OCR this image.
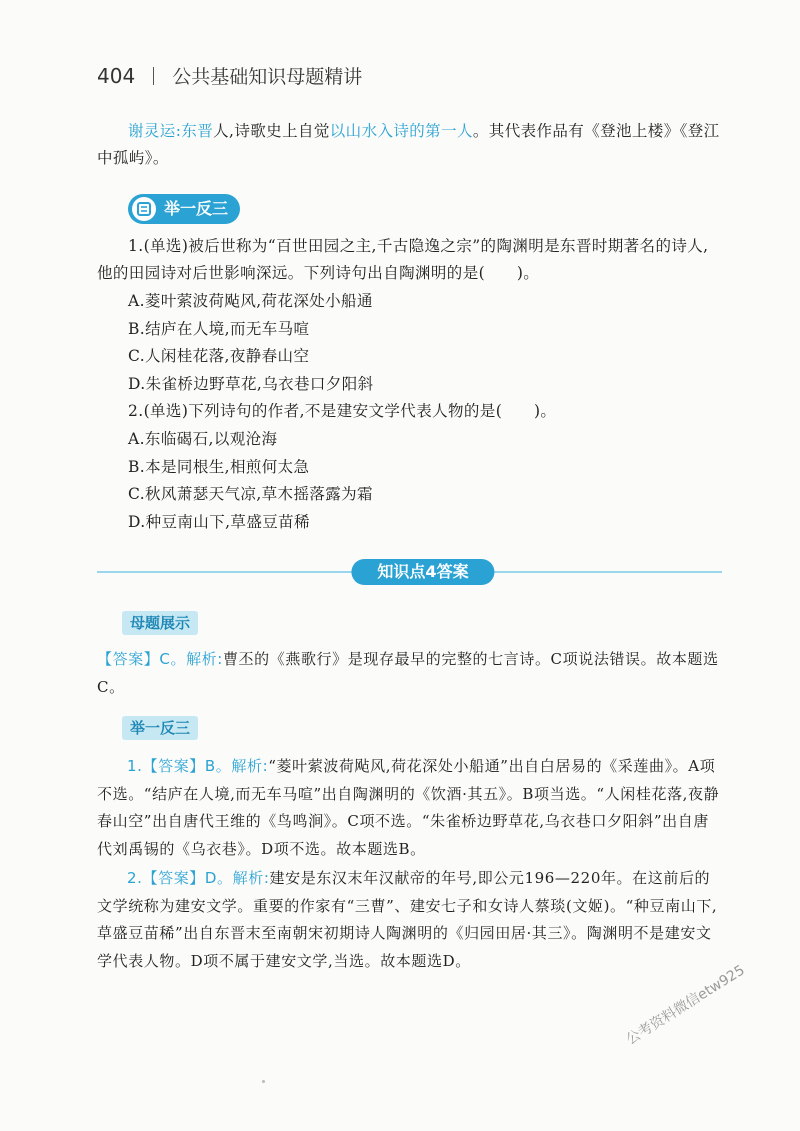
404 公共基础知识母题精讲
谢灵运:东晋人,诗歌史上自觉以山水入诗的第一人。其代表作品有《登池上楼》《登江中孤屿》。
举一反三
1.(单选)被后世称为“百世田园之主,千古隐逸之宗”的陶渊明是东晋时期著名的诗人,他的田园诗对后世影响深远。下列诗句出自陶渊明的是(　　)。
A.菱叶萦波荷飐风,荷花深处小船通
B.结庐在人境,而无车马喧
C.人闲桂花落,夜静春山空
D.朱雀桥边野草花,乌衣巷口夕阳斜
2.(单选)下列诗句的作者,不是建安文学代表人物的是(　　)。
A.东临碣石,以观沧海
B.本是同根生,相煎何太急
C.秋风萧瑟天气凉,草木摇落露为霜
D.种豆南山下,草盛豆苗稀
知识点4答案
母题展示
【答案】C。解析:曹丕的《燕歌行》是现存最早的完整的七言诗。C项说法错误。故本题选C。
举一反三
1.【答案】B。解析:“菱叶萦波荷飐风,荷花深处小船通”出自白居易的《采莲曲》。A项不选。“结庐在人境,而无车马喧”出自陶渊明的《饮酒·其五》。B项当选。“人闲桂花落,夜静春山空”出自唐代王维的《鸟鸣涧》。C项不选。“朱雀桥边野草花,乌衣巷口夕阳斜”出自唐代刘禹锡的《乌衣巷》。D项不选。故本题选B。
2.【答案】D。解析:建安是东汉末年汉献帝的年号,即公元196—220年。在这前后的文学统称为建安文学。重要的作家有“三曹”、建安七子和女诗人蔡琰(文姬)。“种豆南山下,草盛豆苗稀”出自东晋末至南朝宋初期诗人陶渊明的《归园田居·其三》。陶渊明不是建安文学代表人物。D项不属于建安文学,当选。故本题选D。
公考资料微信etw925
